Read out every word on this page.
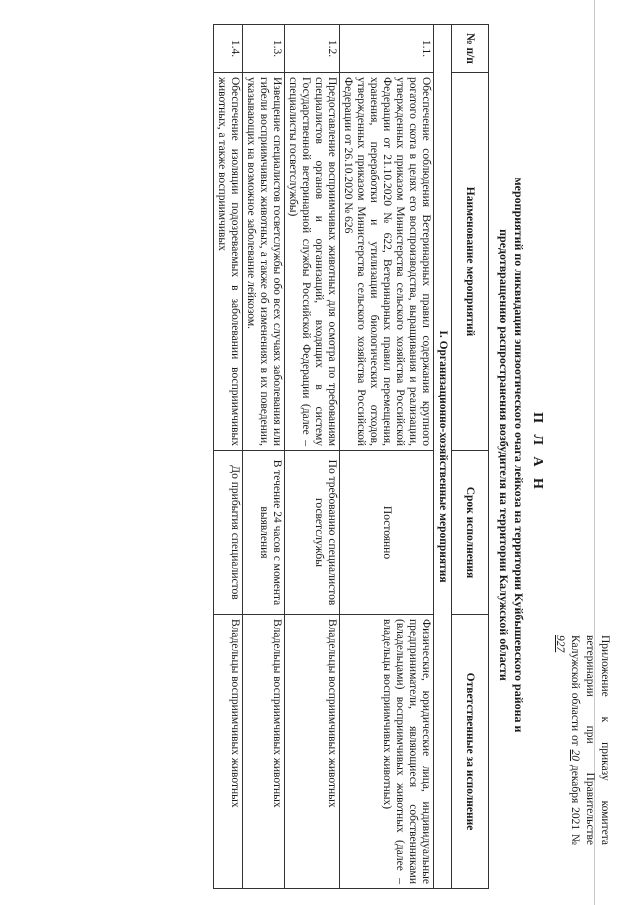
Приложение к приказу комитета ветеринарии при Правительстве Калужской области от 20 декабря 2021 № 927
П Л А Н
мероприятий по ликвидации эпизоотического очага лейкоза на территории Куйбышевского района и предотвращению распространения возбудителя на территории Калужской области
№ п/п	Наименование мероприятий	Срок исполнения	Ответственные за исполнение
I. Организационно-хозяйственные мероприятия			
1.1.	Обеспечение соблюдения Ветеринарных правил содержания крупного рогатого скота в целях его воспроизводства, выращивания и реализации, утвержденных приказом Министерства сельского хозяйства Российской Федерации от 21.10.2020 № 622, Ветеринарных правил перемещения, хранения, переработки и утилизации биологических отходов, утвержденных приказом Министерства сельского хозяйства Российской Федерации от 26.10.2020 № 626	Постоянно	Физические, юридические лица, индивидуальные предприниматели, являющиеся собственниками (владельцами) восприимчивых животных (далее – владельцы восприимчивых животных)
1.2.	Предоставление восприимчивых животных для осмотра по требованиям специалистов органов и организаций, входящих в систему Государственной ветеринарной службы Российской Федерации (далее – специалисты госветслужбы)	По требованию специалистов госветслужбы	Владельцы восприимчивых животных
1.3.	Извещение специалистов госветслужбы обо всех случаях заболевания или гибели восприимчивых животных, а также об изменениях в их поведении, указывающих на возможное заболевание лейкозом.	В течение 24 часов с момента выявления	Владельцы восприимчивых животных
1.4.	Обеспечение изоляции подозреваемых в заболевании восприимчивых животных, а также восприимчивых	До прибытия специалистов	Владельцы восприимчивых животных
